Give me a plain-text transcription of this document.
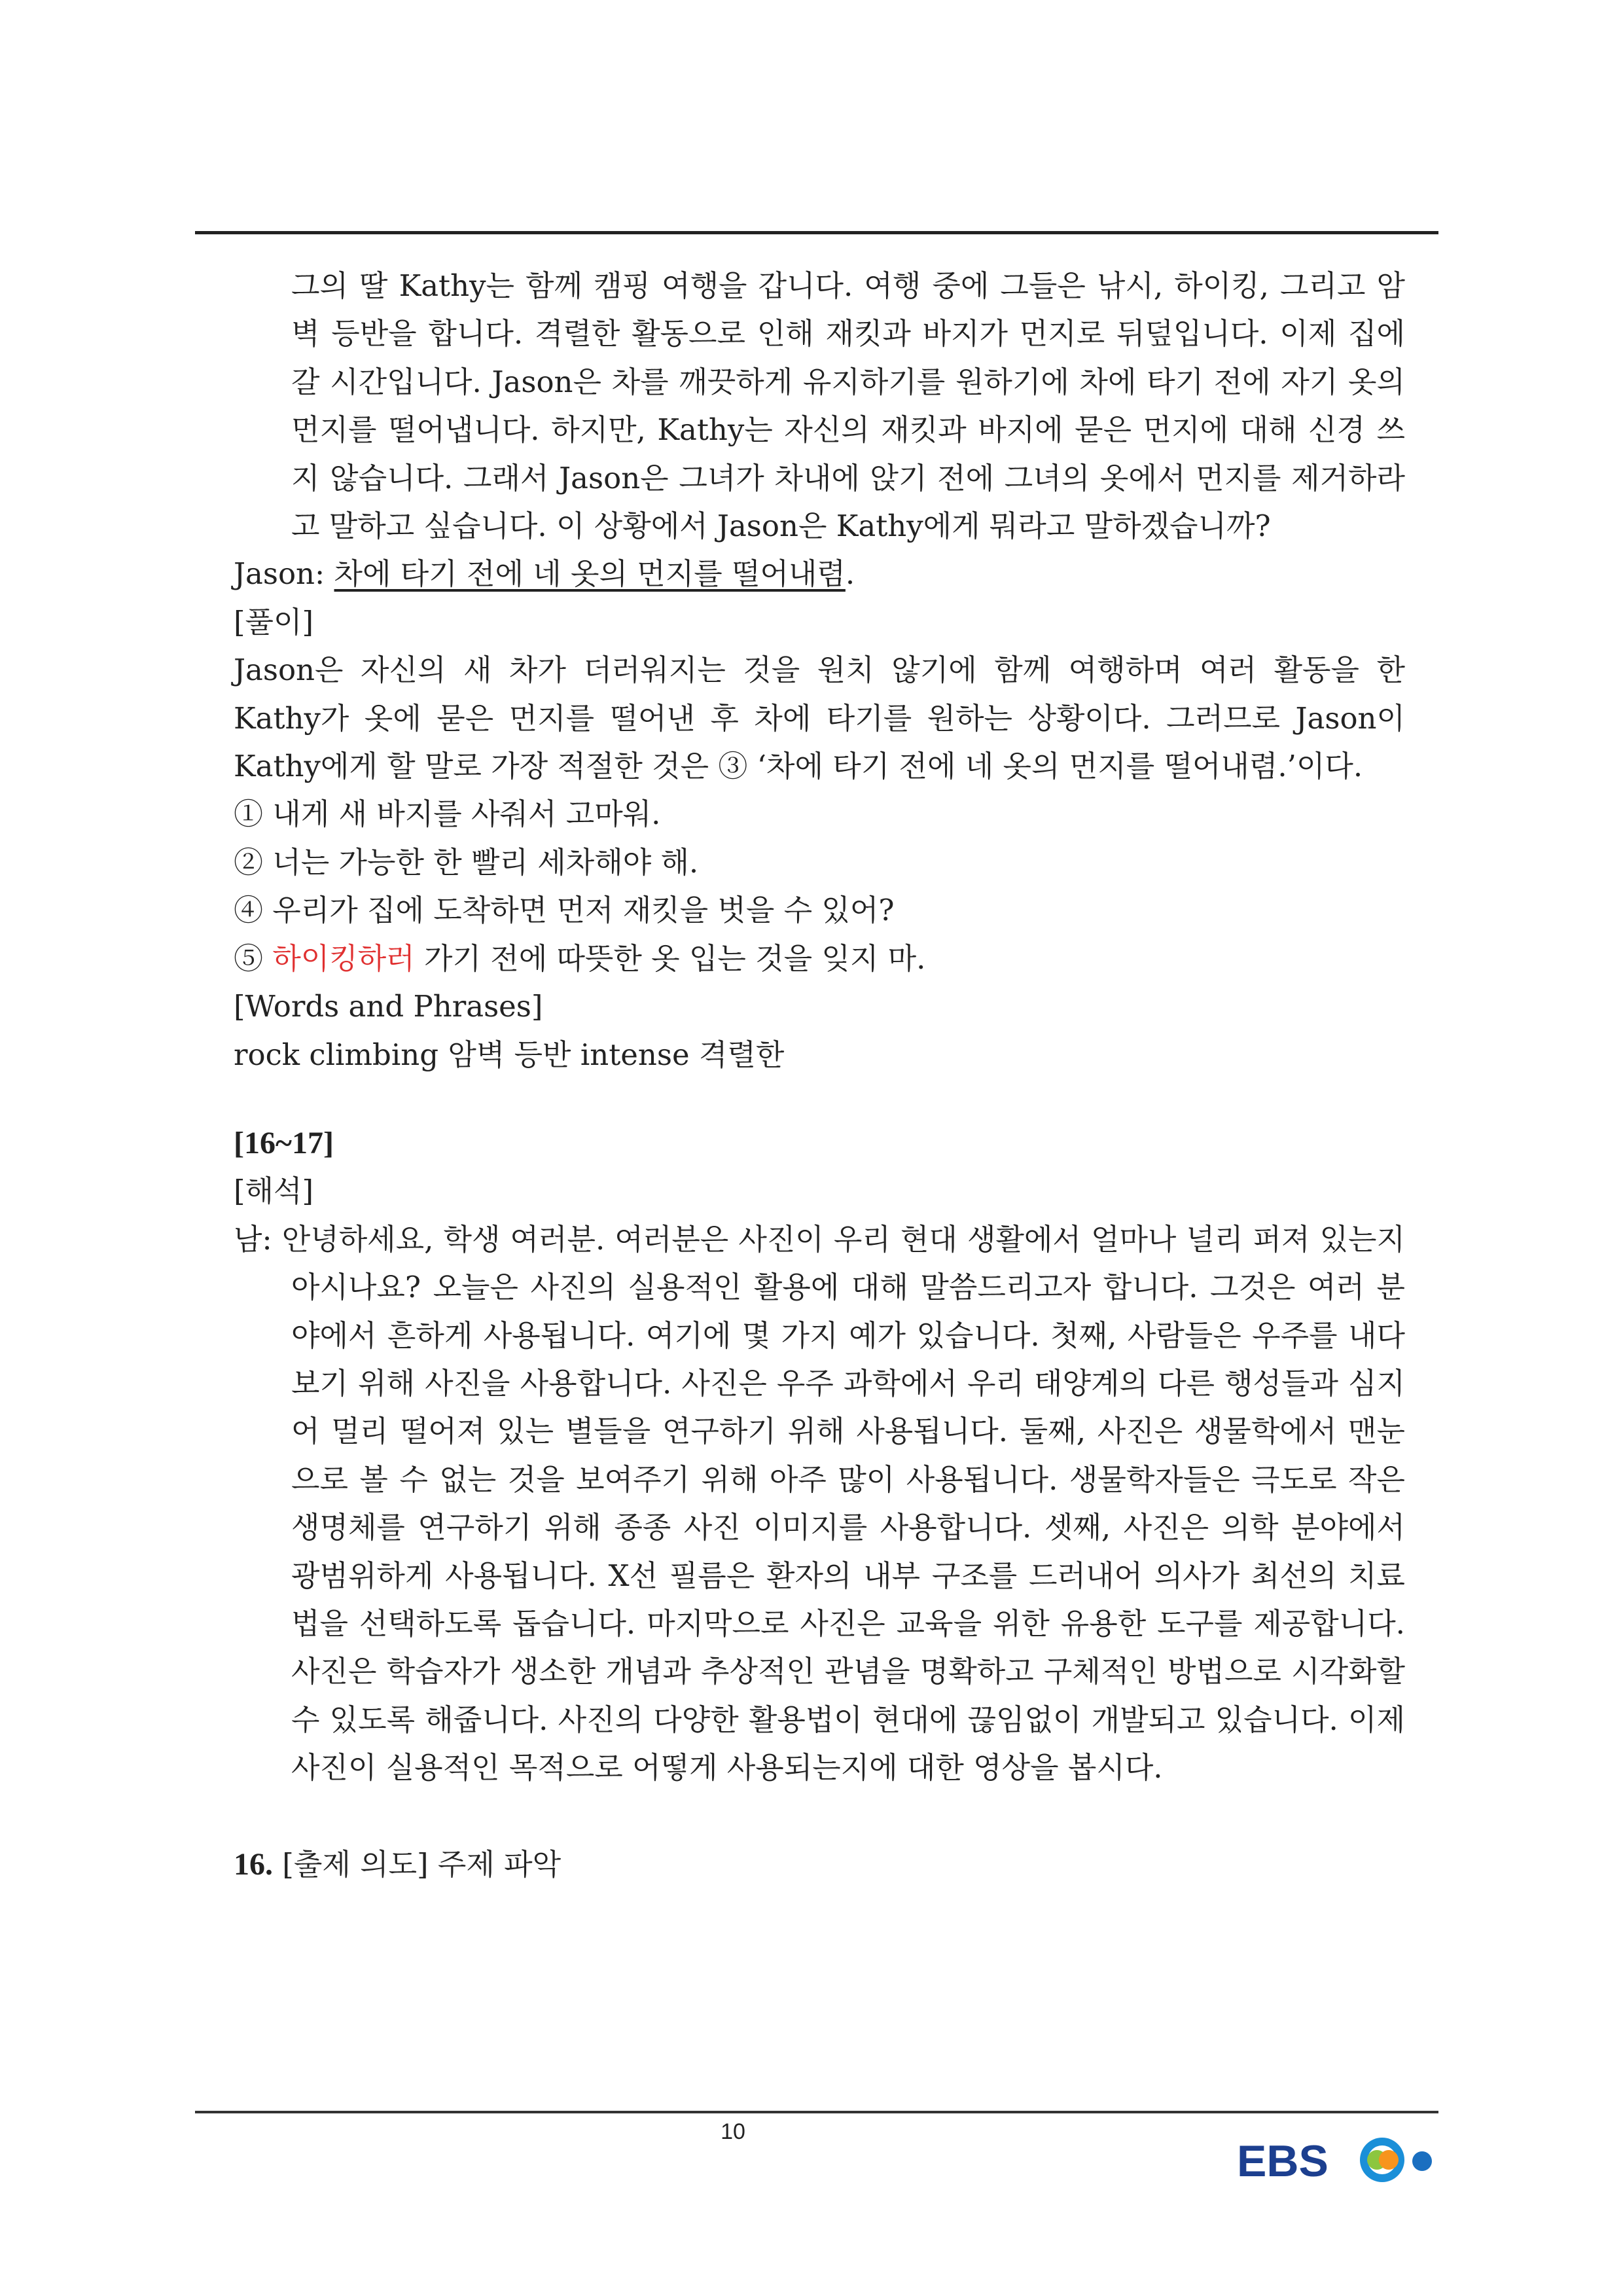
그의 딸 Kathy는 함께 캠핑 여행을 갑니다. 여행 중에 그들은 낚시, 하이킹, 그리고 암벽 등반을 합니다. 격렬한 활동으로 인해 재킷과 바지가 먼지로 뒤덮입니다. 이제 집에 갈 시간입니다. Jason은 차를 깨끗하게 유지하기를 원하기에 차에 타기 전에 자기 옷의 먼지를 떨어냅니다. 하지만, Kathy는 자신의 재킷과 바지에 묻은 먼지에 대해 신경 쓰지 않습니다. 그래서 Jason은 그녀가 차내에 앉기 전에 그녀의 옷에서 먼지를 제거하라고 말하고 싶습니다. 이 상황에서 Jason은 Kathy에게 뭐라고 말하겠습니까?

Jason: 차에 타기 전에 네 옷의 먼지를 떨어내렴.

[풀이]

Jason은 자신의 새 차가 더러워지는 것을 원치 않기에 함께 여행하며 여러 활동을 한 Kathy가 옷에 묻은 먼지를 떨어낸 후 차에 타기를 원하는 상황이다. 그러므로 Jason이 Kathy에게 할 말로 가장 적절한 것은 ③ ‘차에 타기 전에 네 옷의 먼지를 떨어내렴.’이다.

① 내게 새 바지를 사줘서 고마워.

② 너는 가능한 한 빨리 세차해야 해.

④ 우리가 집에 도착하면 먼저 재킷을 벗을 수 있어?

⑤ 하이킹하러 가기 전에 따뜻한 옷 입는 것을 잊지 마.

[Words and Phrases]

rock climbing 암벽 등반 intense 격렬한

[16~17]

[해석]

남: 안녕하세요, 학생 여러분. 여러분은 사진이 우리 현대 생활에서 얼마나 널리 퍼져 있는지 아시나요? 오늘은 사진의 실용적인 활용에 대해 말씀드리고자 합니다. 그것은 여러 분야에서 흔하게 사용됩니다. 여기에 몇 가지 예가 있습니다. 첫째, 사람들은 우주를 내다보기 위해 사진을 사용합니다. 사진은 우주 과학에서 우리 태양계의 다른 행성들과 심지어 멀리 떨어져 있는 별들을 연구하기 위해 사용됩니다. 둘째, 사진은 생물학에서 맨눈으로 볼 수 없는 것을 보여주기 위해 아주 많이 사용됩니다. 생물학자들은 극도로 작은 생명체를 연구하기 위해 종종 사진 이미지를 사용합니다. 셋째, 사진은 의학 분야에서 광범위하게 사용됩니다. X선 필름은 환자의 내부 구조를 드러내어 의사가 최선의 치료법을 선택하도록 돕습니다. 마지막으로 사진은 교육을 위한 유용한 도구를 제공합니다. 사진은 학습자가 생소한 개념과 추상적인 관념을 명확하고 구체적인 방법으로 시각화할 수 있도록 해줍니다. 사진의 다양한 활용법이 현대에 끊임없이 개발되고 있습니다. 이제 사진이 실용적인 목적으로 어떻게 사용되는지에 대한 영상을 봅시다.

16. [출제 의도] 주제 파악

10
EBS
